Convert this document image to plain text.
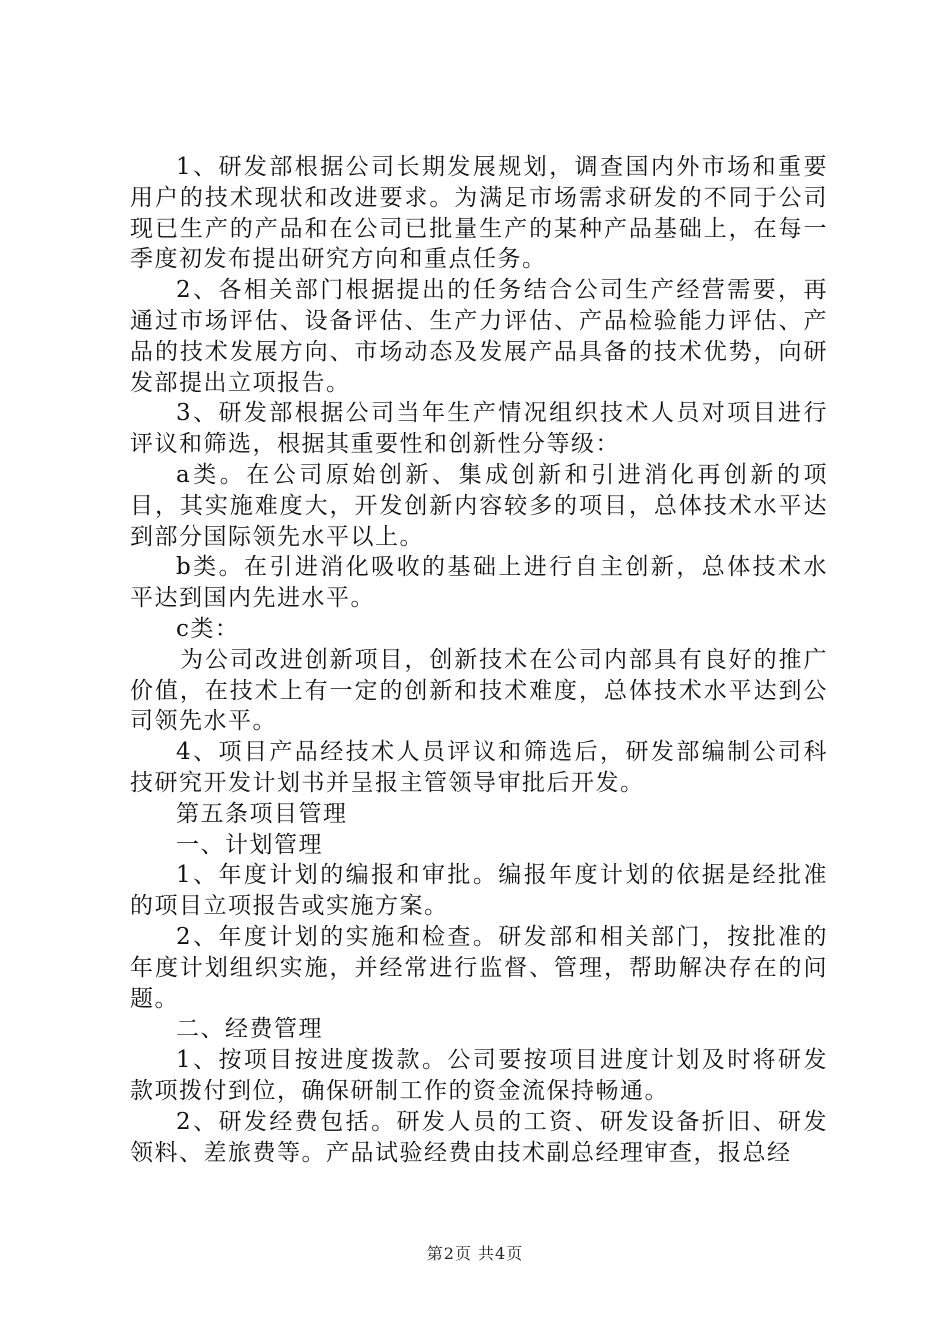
1、研发部根据公司长期发展规划，调查国内外市场和重要用户的技术现状和改进要求。为满足市场需求研发的不同于公司现已生产的产品和在公司已批量生产的某种产品基础上，在每一季度初发布提出研究方向和重点任务。

2、各相关部门根据提出的任务结合公司生产经营需要，再通过市场评估、设备评估、生产力评估、产品检验能力评估、产品的技术发展方向、市场动态及发展产品具备的技术优势，向研发部提出立项报告。

3、研发部根据公司当年生产情况组织技术人员对项目进行评议和筛选，根据其重要性和创新性分等级：

a类。在公司原始创新、集成创新和引进消化再创新的项目，其实施难度大，开发创新内容较多的项目，总体技术水平达到部分国际领先水平以上。

b类。在引进消化吸收的基础上进行自主创新，总体技术水平达到国内先进水平。

c类：

为公司改进创新项目，创新技术在公司内部具有良好的推广价值，在技术上有一定的创新和技术难度，总体技术水平达到公司领先水平。

4、项目产品经技术人员评议和筛选后，研发部编制公司科技研究开发计划书并呈报主管领导审批后开发。

第五条项目管理

一、计划管理

1、年度计划的编报和审批。编报年度计划的依据是经批准的项目立项报告或实施方案。

2、年度计划的实施和检查。研发部和相关部门，按批准的年度计划组织实施，并经常进行监督、管理，帮助解决存在的问题。

二、经费管理

1、按项目按进度拨款。公司要按项目进度计划及时将研发款项拨付到位，确保研制工作的资金流保持畅通。

2、研发经费包括。研发人员的工资、研发设备折旧、研发领料、差旅费等。产品试验经费由技术副总经理审查，报总经

第2页 共4页
